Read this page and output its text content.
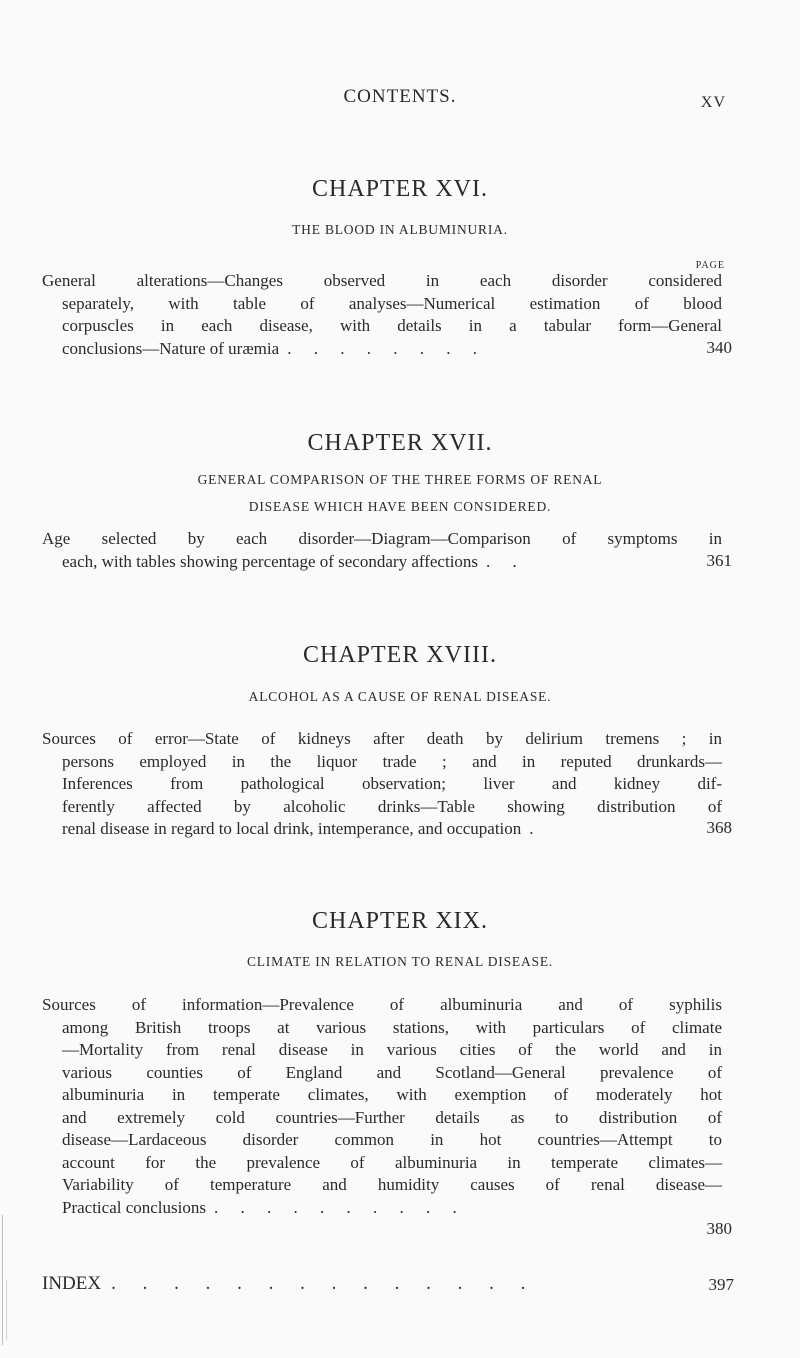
CONTENTS.	XV
CHAPTER XVI.
THE BLOOD IN ALBUMINURIA.
PAGE
General alterations—Changes observed in each disorder considered
separately, with table of analyses—Numerical estimation of blood
corpuscles in each disease, with details in a tabular form—General
conclusions—Nature of uræmia . . . . . . . .	340
CHAPTER XVII.
GENERAL COMPARISON OF THE THREE FORMS OF RENAL
DISEASE WHICH HAVE BEEN CONSIDERED.
Age selected by each disorder—Diagram—Comparison of symptoms in
each, with tables showing percentage of secondary affections . .	361
CHAPTER XVIII.
ALCOHOL AS A CAUSE OF RENAL DISEASE.
Sources of error—State of kidneys after death by delirium tremens ; in
persons employed in the liquor trade ; and in reputed drunkards—
Inferences from pathological observation; liver and kidney dif-
ferently affected by alcoholic drinks—Table showing distribution of
renal disease in regard to local drink, intemperance, and occupation .	368
CHAPTER XIX.
CLIMATE IN RELATION TO RENAL DISEASE.
Sources of information—Prevalence of albuminuria and of syphilis
among British troops at various stations, with particulars of climate
—Mortality from renal disease in various cities of the world and in
various counties of England and Scotland—General prevalence of
albuminuria in temperate climates, with exemption of moderately hot
and extremely cold countries—Further details as to distribution of
disease—Lardaceous disorder common in hot countries—Attempt to
account for the prevalence of albuminuria in temperate climates—
Variability of temperature and humidity causes of renal disease—
Practical conclusions . . . . . . . . . .
380
INDEX . . . . . . . . . . . . . .	397
